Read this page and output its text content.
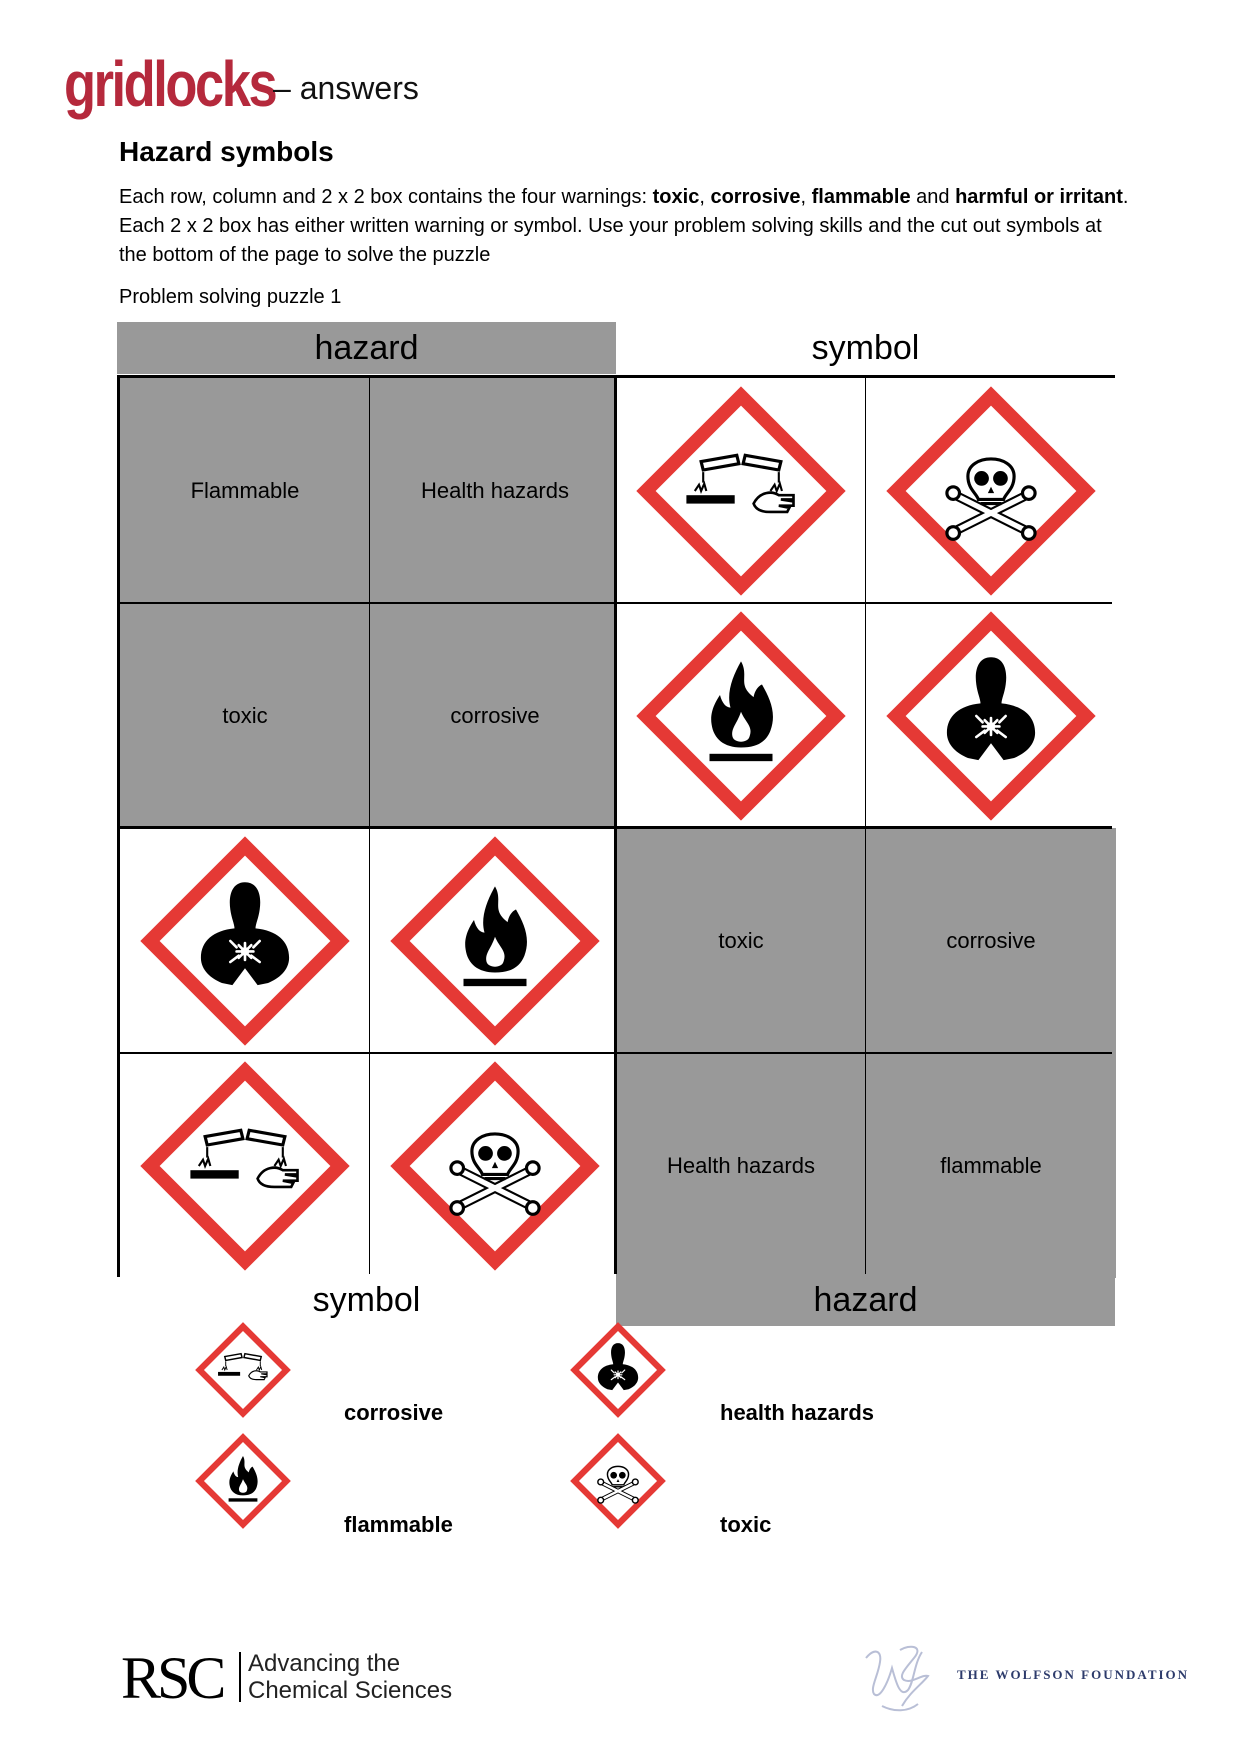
gridlocks
– answers
Hazard symbols
Each row, column and 2 x 2 box contains the four warnings: toxic, corrosive, flammable and harmful or irritant. Each 2 x 2 box has either written warning or symbol. Use your problem solving skills and the cut out symbols at the bottom of the page to solve the puzzle
Problem solving puzzle 1
hazard	symbol
symbol	hazard
Flammable	Health hazards
toxic	corrosive
toxic	corrosive
Health hazards	flammable
corrosive	health hazards
flammable	toxic
RSC Advancing the
Chemical Sciences
THE WOLFSON FOUNDATION
